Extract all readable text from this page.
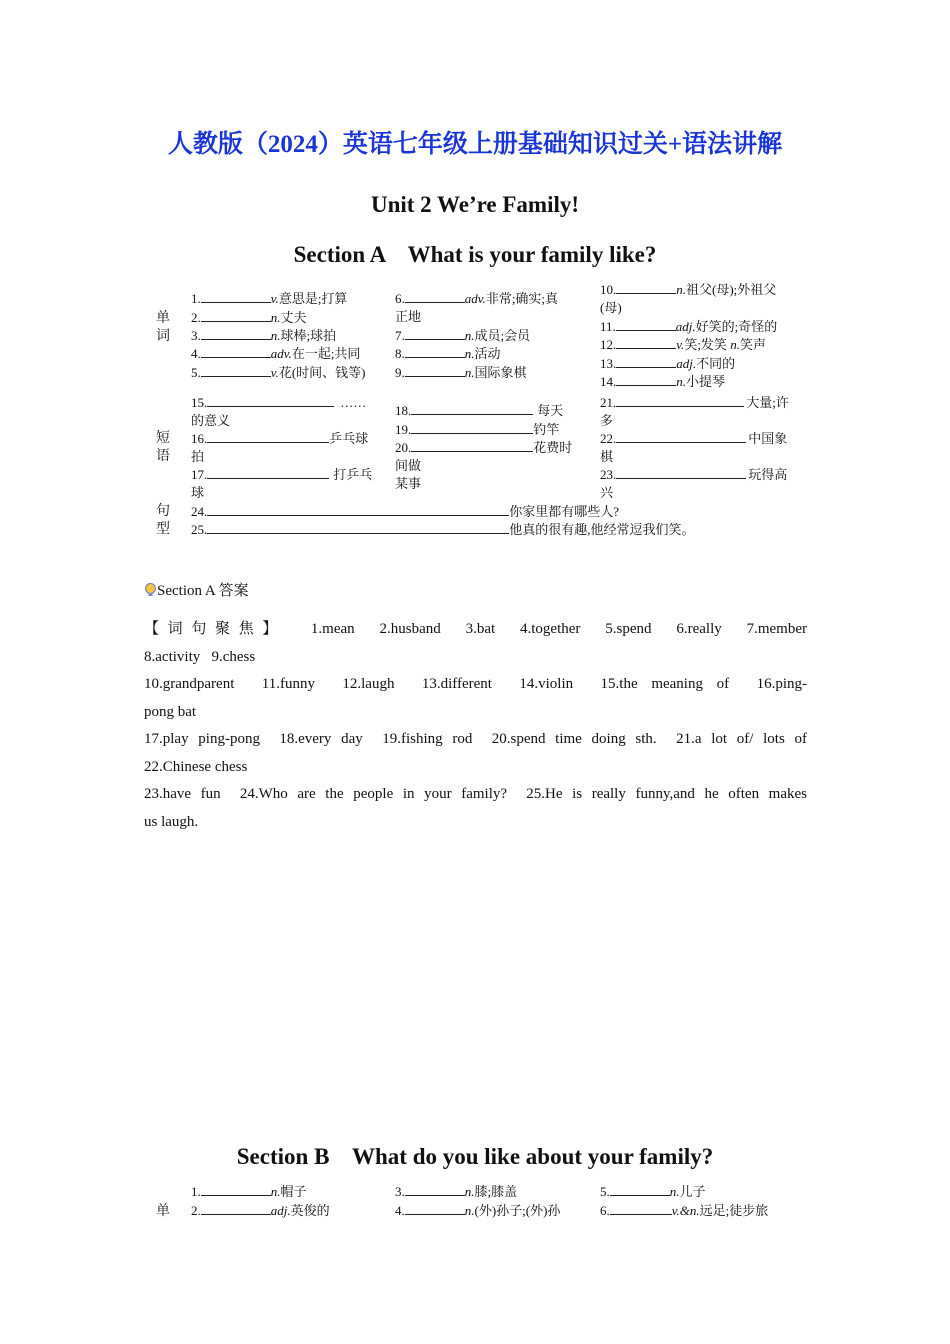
人教版（2024）英语七年级上册基础知识过关+语法讲解
Unit 2 We’re Family!
Section A    What is your family like?
单
词
短
语
句
型
1.	v.意思是;打算
2.	n.丈夫
3.	n.球棒;球拍
4.	adv.在一起;共同
5.	v.花(时间、钱等)
6.	adv.非常;确实;真
正地
7.	n.成员;会员
8.	n.活动
9.	n.国际象棋
10.	n.祖父(母);外祖父
(母)
11.	adj.好笑的;奇怪的
12.	v.笑;发笑 n.笑声
13.	adj.不同的
14.	n.小提琴
15.	……
的意义
16.	乒乓球
拍
17.	打乒乓
球
18.	每天
19.	钓竿
20.	花费时
间做
某事
21.	大量;许
多
22.	中国象
棋
23.	玩得高
兴
24.	你家里都有哪些人?
25.	他真的很有趣,他经常逗我们笑。
Section A 答案

【词句聚焦】  1.mean  2.husband  3.bat  4.together  5.spend  6.really  7.member

8.activity   9.chess

10.grandparent  11.funny  12.laugh  13.different  14.violin  15.the meaning of  16.ping-

pong bat

17.play ping-pong  18.every day  19.fishing rod  20.spend time doing sth.  21.a lot of/ lots of

22.Chinese chess

23.have fun  24.Who are the people in your family?  25.He is really funny,and he often makes

us laugh.

Section B    What do you like about your family?
单
1.	n.帽子
2.	adj.英俊的
3.	n.膝;膝盖
4.	n.(外)孙子;(外)孙
5.	n.儿子
6.	v.&n.远足;徒步旅
